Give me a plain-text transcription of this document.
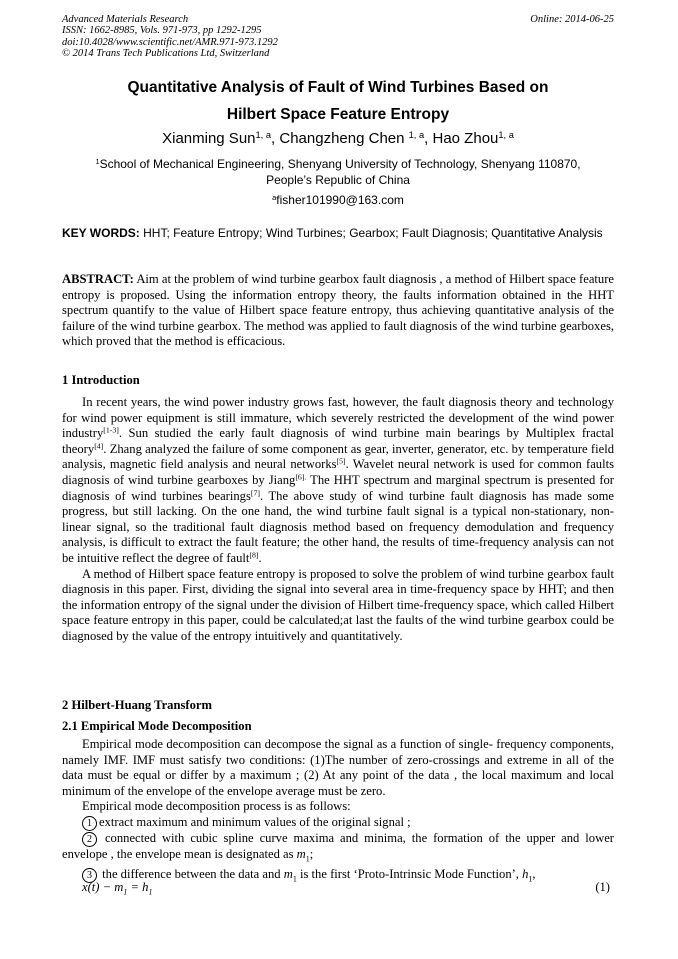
Advanced Materials Research
ISSN: 1662-8985, Vols. 971-973, pp 1292-1295
doi:10.4028/www.scientific.net/AMR.971-973.1292
© 2014 Trans Tech Publications Ltd, Switzerland
Online: 2014-06-25
Quantitative Analysis of Fault of Wind Turbines Based on
Hilbert Space Feature Entropy
Xianming Sun$^{1, a}$, Changzheng Chen $^{1, a}$, Hao Zhou$^{1, a}$
$^1$School of Mechanical Engineering, Shenyang University of Technology, Shenyang 110870,
People’s Republic of China
$^a$fisher101990@163.com
KEY WORDS: HHT; Feature Entropy; Wind Turbines; Gearbox; Fault Diagnosis; Quantitative Analysis

ABSTRACT: Aim at the problem of wind turbine gearbox fault diagnosis , a method of Hilbert space feature entropy is proposed. Using the information entropy theory, the faults information obtained in the HHT spectrum quantify to the value of Hilbert space feature entropy, thus achieving quantitative analysis of the failure of the wind turbine gearbox. The method was applied to fault diagnosis of the wind turbine gearboxes, which proved that the method is efficacious.

1 Introduction

In recent years, the wind power industry grows fast, however, the fault diagnosis theory and technology for wind power equipment is still immature, which severely restricted the development of the wind power industry[1-3]. Sun studied the early fault diagnosis of wind turbine main bearings by Multiplex fractal theory[4]. Zhang analyzed the failure of some component as gear, inverter, generator, etc. by temperature field analysis, magnetic field analysis and neural networks[5]. Wavelet neural network is used for common faults diagnosis of wind turbine gearboxes by Jiang$^{[6].}$ The HHT spectrum and marginal spectrum is presented for diagnosis of wind turbines bearings[7]. The above study of wind turbine fault diagnosis has made some progress, but still lacking. On the one hand, the wind turbine fault signal is a typical non-stationary, non-linear signal, so the traditional fault diagnosis method based on frequency demodulation and frequency analysis, is difficult to extract the fault feature; the other hand, the results of time-frequency analysis can not be intuitive reflect the degree of fault[8].

A method of Hilbert space feature entropy is proposed to solve the problem of wind turbine gearbox fault diagnosis in this paper. First, dividing the signal into several area in time-frequency space by HHT; and then the information entropy of the signal under the division of Hilbert time-frequency space, which called Hilbert space feature entropy in this paper, could be calculated;at last the faults of the wind turbine gearbox could be diagnosed by the value of the entropy intuitively and quantitatively.

2 Hilbert-Huang Transform
2.1 Empirical Mode Decomposition

Empirical mode decomposition can decompose the signal as a function of single- frequency components, namely IMF. IMF must satisfy two conditions: (1)The number of zero-crossings and extreme in all of the data must be equal or differ by a maximum ; (2) At any point of the data , the local maximum and local minimum of the envelope of the envelope average must be zero.

Empirical mode decomposition process is as follows:

1 extract maximum and minimum values of the original signal ;

2 connected with cubic spline curve maxima and minima, the formation of the upper and lower envelope , the envelope mean is designated as $m_1$;

3 the difference between the data and $m_1$ is the first ‘Proto-Intrinsic Mode Function’, $h_1$,

$x(t) - m_1 = h_1$	(1)
